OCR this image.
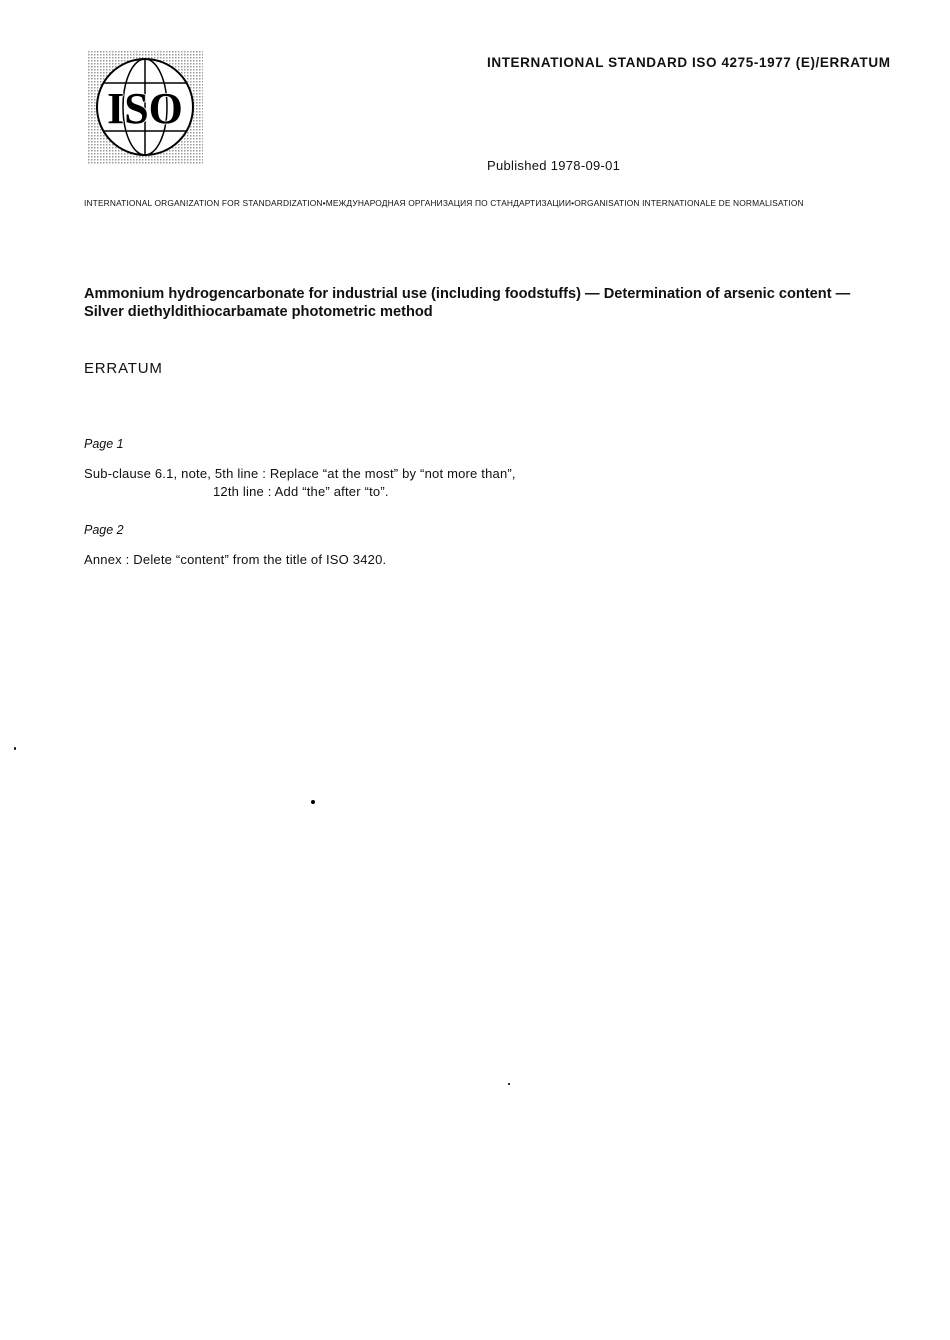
ISO
INTERNATIONAL STANDARD ISO 4275-1977 (E)/ERRATUM
Published 1978-09-01
INTERNATIONAL ORGANIZATION FOR STANDARDIZATION•МЕЖДУНАРОДНАЯ ОРГАНИЗАЦИЯ ПО СТАНДАРТИЗАЦИИ•ORGANISATION INTERNATIONALE DE NORMALISATION
Ammonium hydrogencarbonate for industrial use (including foodstuffs) — Determination of arsenic content —
Silver diethyldithiocarbamate photometric method
ERRATUM
Page 1
Sub-clause 6.1, note, 5th line : Replace “at the most” by “not more than”,
12th line : Add “the” after “to”.
Page 2
Annex : Delete “content” from the title of ISO 3420.
